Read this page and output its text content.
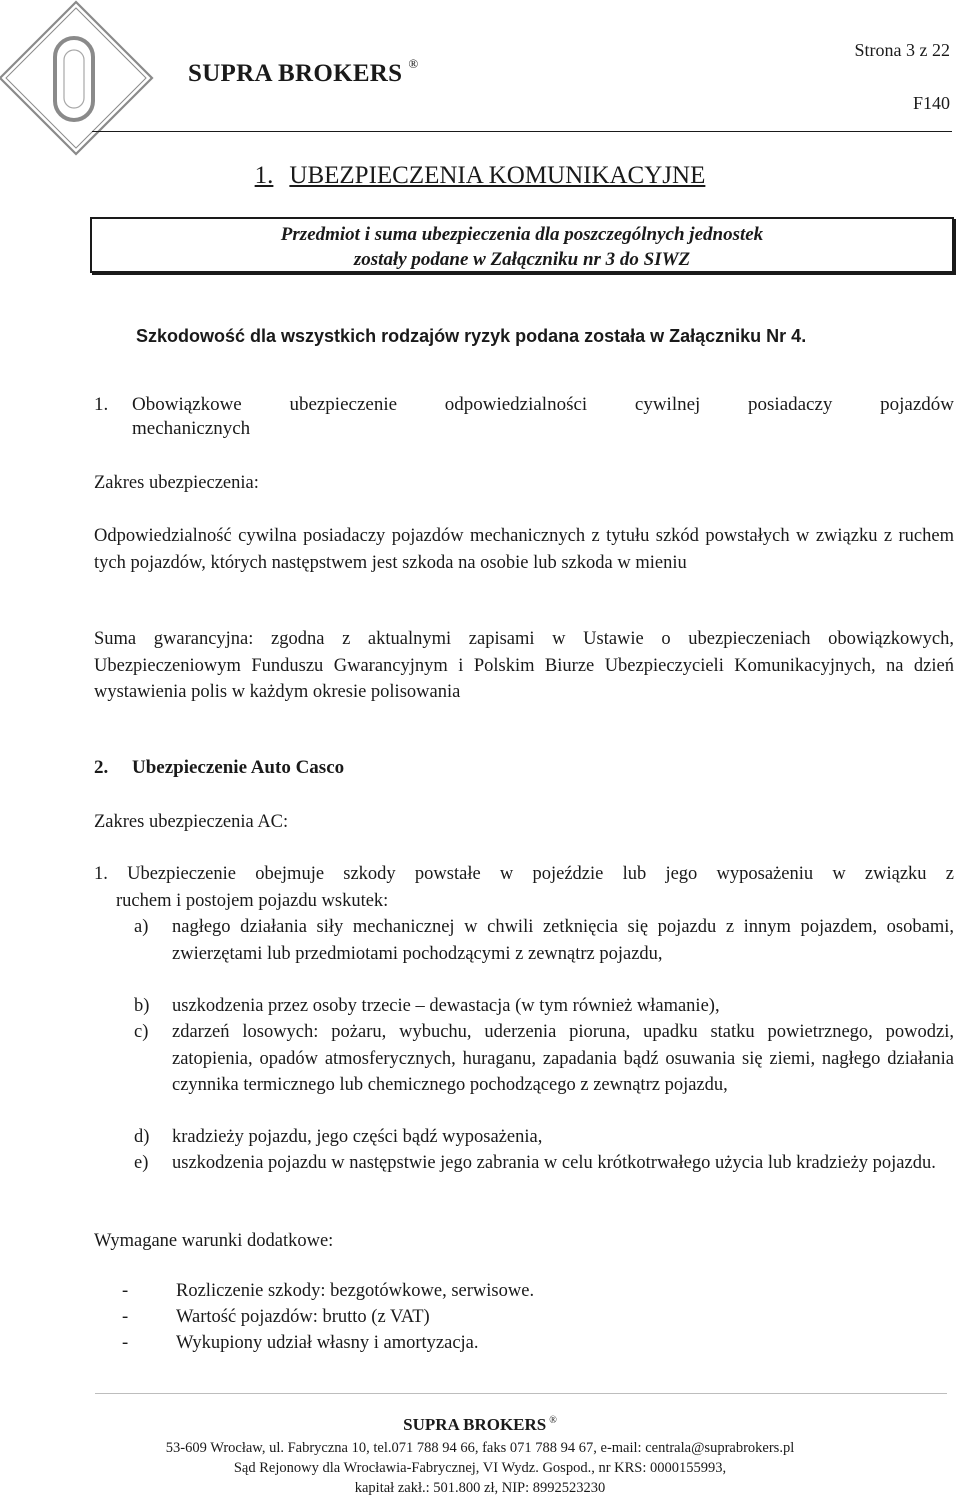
SUPRA BROKERS ®
Strona 3 z 22
F140
1. UBEZPIECZENIA KOMUNIKACYJNE
Przedmiot i suma ubezpieczenia dla poszczególnych jednostek
zostały podane w Załączniku nr 3 do SIWZ
Szkodowość dla wszystkich rodzajów ryzyk podana została w Załączniku Nr 4.
1.	Obowiązkowe ubezpieczenie odpowiedzialności cywilnej posiadaczy pojazdów
mechanicznych
Zakres ubezpieczenia:
Odpowiedzialność cywilna posiadaczy pojazdów mechanicznych z tytułu szkód powstałych w związku z ruchem tych pojazdów, których następstwem jest szkoda na osobie lub szkoda w mieniu
Suma gwarancyjna: zgodna z aktualnymi zapisami w Ustawie o ubezpieczeniach obowiązkowych, Ubezpieczeniowym Funduszu Gwarancyjnym i Polskim Biurze Ubezpieczycieli Komunikacyjnych, na dzień wystawienia polis w każdym okresie polisowania
2. Ubezpieczenie Auto Casco
Zakres ubezpieczenia AC:
1. Ubezpieczenie obejmuje szkody powstałe w pojeździe lub jego wyposażeniu w związku z
ruchem i postojem pojazdu wskutek:
a)	nagłego działania siły mechanicznej w chwili zetknięcia się pojazdu z innym pojazdem, osobami, zwierzętami lub przedmiotami pochodzącymi z zewnątrz pojazdu,
b)	uszkodzenia przez osoby trzecie – dewastacja (w tym również włamanie),
c)	zdarzeń losowych: pożaru, wybuchu, uderzenia pioruna, upadku statku powietrznego, powodzi, zatopienia, opadów atmosferycznych, huraganu, zapadania bądź osuwania się ziemi, nagłego działania czynnika termicznego lub chemicznego pochodzącego z zewnątrz pojazdu,
d)	kradzieży pojazdu, jego części bądź wyposażenia,
e)	uszkodzenia pojazdu w następstwie jego zabrania w celu krótkotrwałego użycia lub kradzieży pojazdu.
Wymagane warunki dodatkowe:
-	Rozliczenie szkody: bezgotówkowe, serwisowe.
-	Wartość pojazdów: brutto (z VAT)
-	Wykupiony udział własny i amortyzacja.
SUPRA BROKERS ®
53-609 Wrocław, ul. Fabryczna 10, tel.071 788 94 66, faks 071 788 94 67, e-mail: centrala@suprabrokers.pl
Sąd Rejonowy dla Wrocławia-Fabrycznej, VI Wydz. Gospod., nr KRS: 0000155993,
kapitał zakł.: 501.800 zł, NIP: 8992523230
